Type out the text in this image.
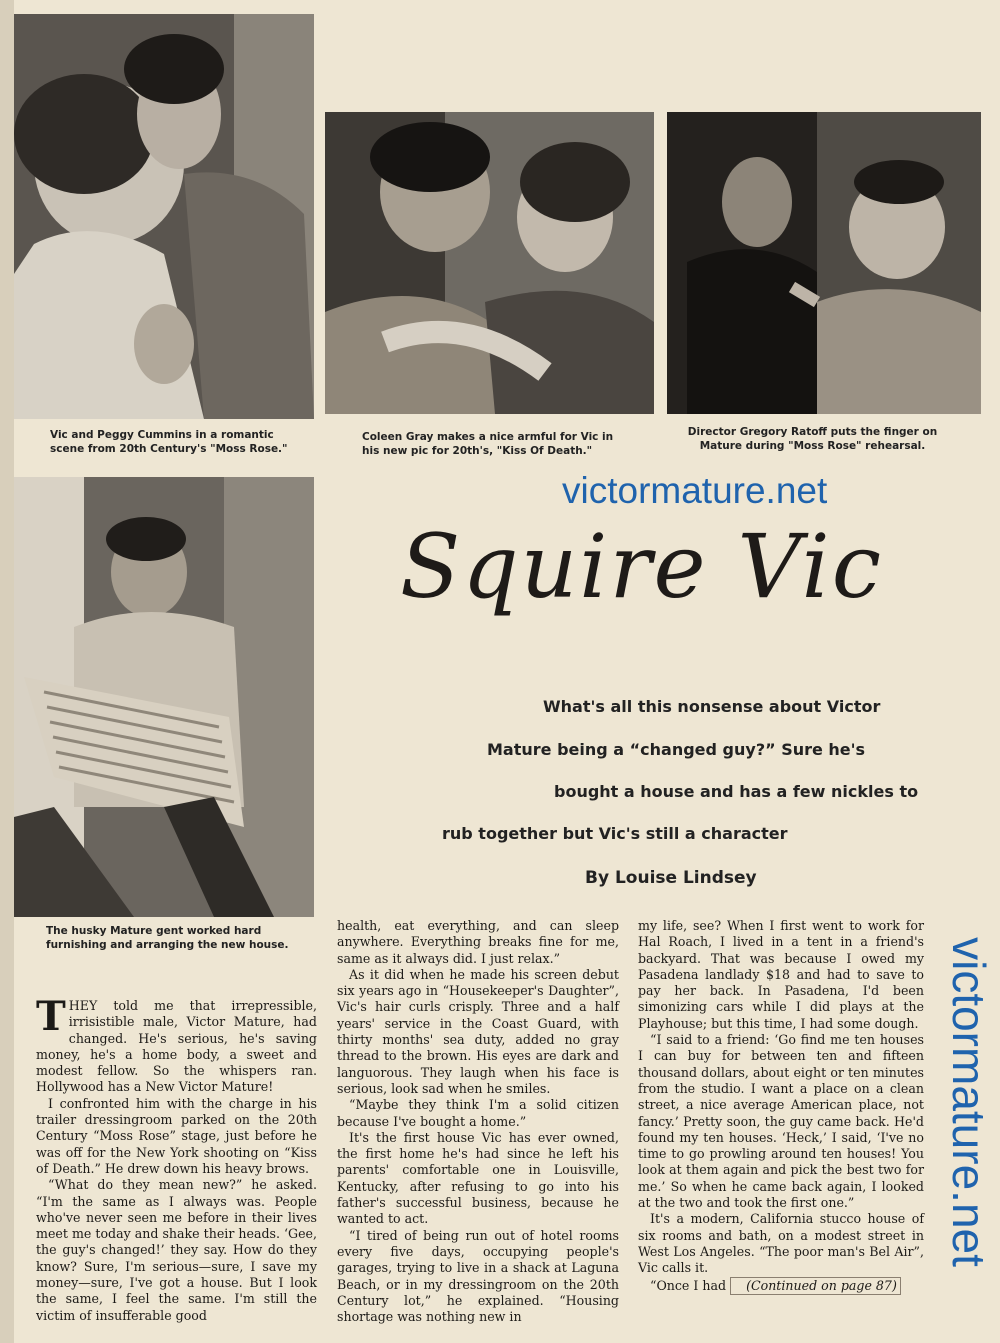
Vic and Peggy Cummins in a romantic scene from 20th Century's "Moss Rose."
Coleen Gray makes a nice armful for Vic in his new pic for 20th's, "Kiss Of Death."
Director Gregory Ratoff puts the finger on Mature during "Moss Rose" rehearsal.
The husky Mature gent worked hard furnishing and arranging the new house.
victormature.net
victormature.net
Squire Vic
What's all this nonsense about Victor
Mature being a “changed guy?” Sure he's
bought a house and has a few nickles to
rub together but Vic's still a character
By Louise Lindsey

THEY told me that irrepressible, irrisistible male, Victor Mature, had changed. He's serious, he's saving money, he's a home body, a sweet and modest fellow. So the whispers ran. Hollywood has a New Victor Mature!

I confronted him with the charge in his trailer dressingroom parked on the 20th Century “Moss Rose” stage, just before he was off for the New York shooting on “Kiss of Death.” He drew down his heavy brows.

“What do they mean new?” he asked. “I'm the same as I always was. People who've never seen me before in their lives meet me today and shake their heads. ‘Gee, the guy's changed!’ they say. How do they know? Sure, I'm serious—sure, I save my money—sure, I've got a house. But I look the same, I feel the same. I'm still the victim of insufferable good

health, eat everything, and can sleep anywhere. Everything breaks fine for me, same as it always did. I just relax.”

As it did when he made his screen debut six years ago in “Housekeeper's Daughter”, Vic's hair curls crisply. Three and a half years' service in the Coast Guard, with thirty months' sea duty, added no gray thread to the brown. His eyes are dark and languorous. They laugh when his face is serious, look sad when he smiles.

“Maybe they think I'm a solid citizen because I've bought a home.”

It's the first house Vic has ever owned, the first home he's had since he left his parents' comfortable one in Louisville, Kentucky, after refusing to go into his father's successful business, because he wanted to act.

“I tired of being run out of hotel rooms every five days, occupying people's garages, trying to live in a shack at Laguna Beach, or in my dressingroom on the 20th Century lot,” he explained. “Housing shortage was nothing new in

my life, see? When I first went to work for Hal Roach, I lived in a tent in a friend's backyard. That was because I owed my Pasadena landlady $18 and had to save to pay her back. In Pasadena, I'd been simonizing cars while I did plays at the Playhouse; but this time, I had some dough.

“I said to a friend: ‘Go find me ten houses I can buy for between ten and fifteen thousand dollars, about eight or ten minutes from the studio. I want a place on a clean street, a nice average American place, not fancy.’ Pretty soon, the guy came back. He'd found my ten houses. ‘Heck,’ I said, ‘I've no time to go prowling around ten houses! You look at them again and pick the best two for me.’ So when he came back again, I looked at the two and took the first one.”

It's a modern, California stucco house of six rooms and bath, on a modest street in West Los Angeles. “The poor man's Bel Air”, Vic calls it.

“Once I had (Continued on page 87)
